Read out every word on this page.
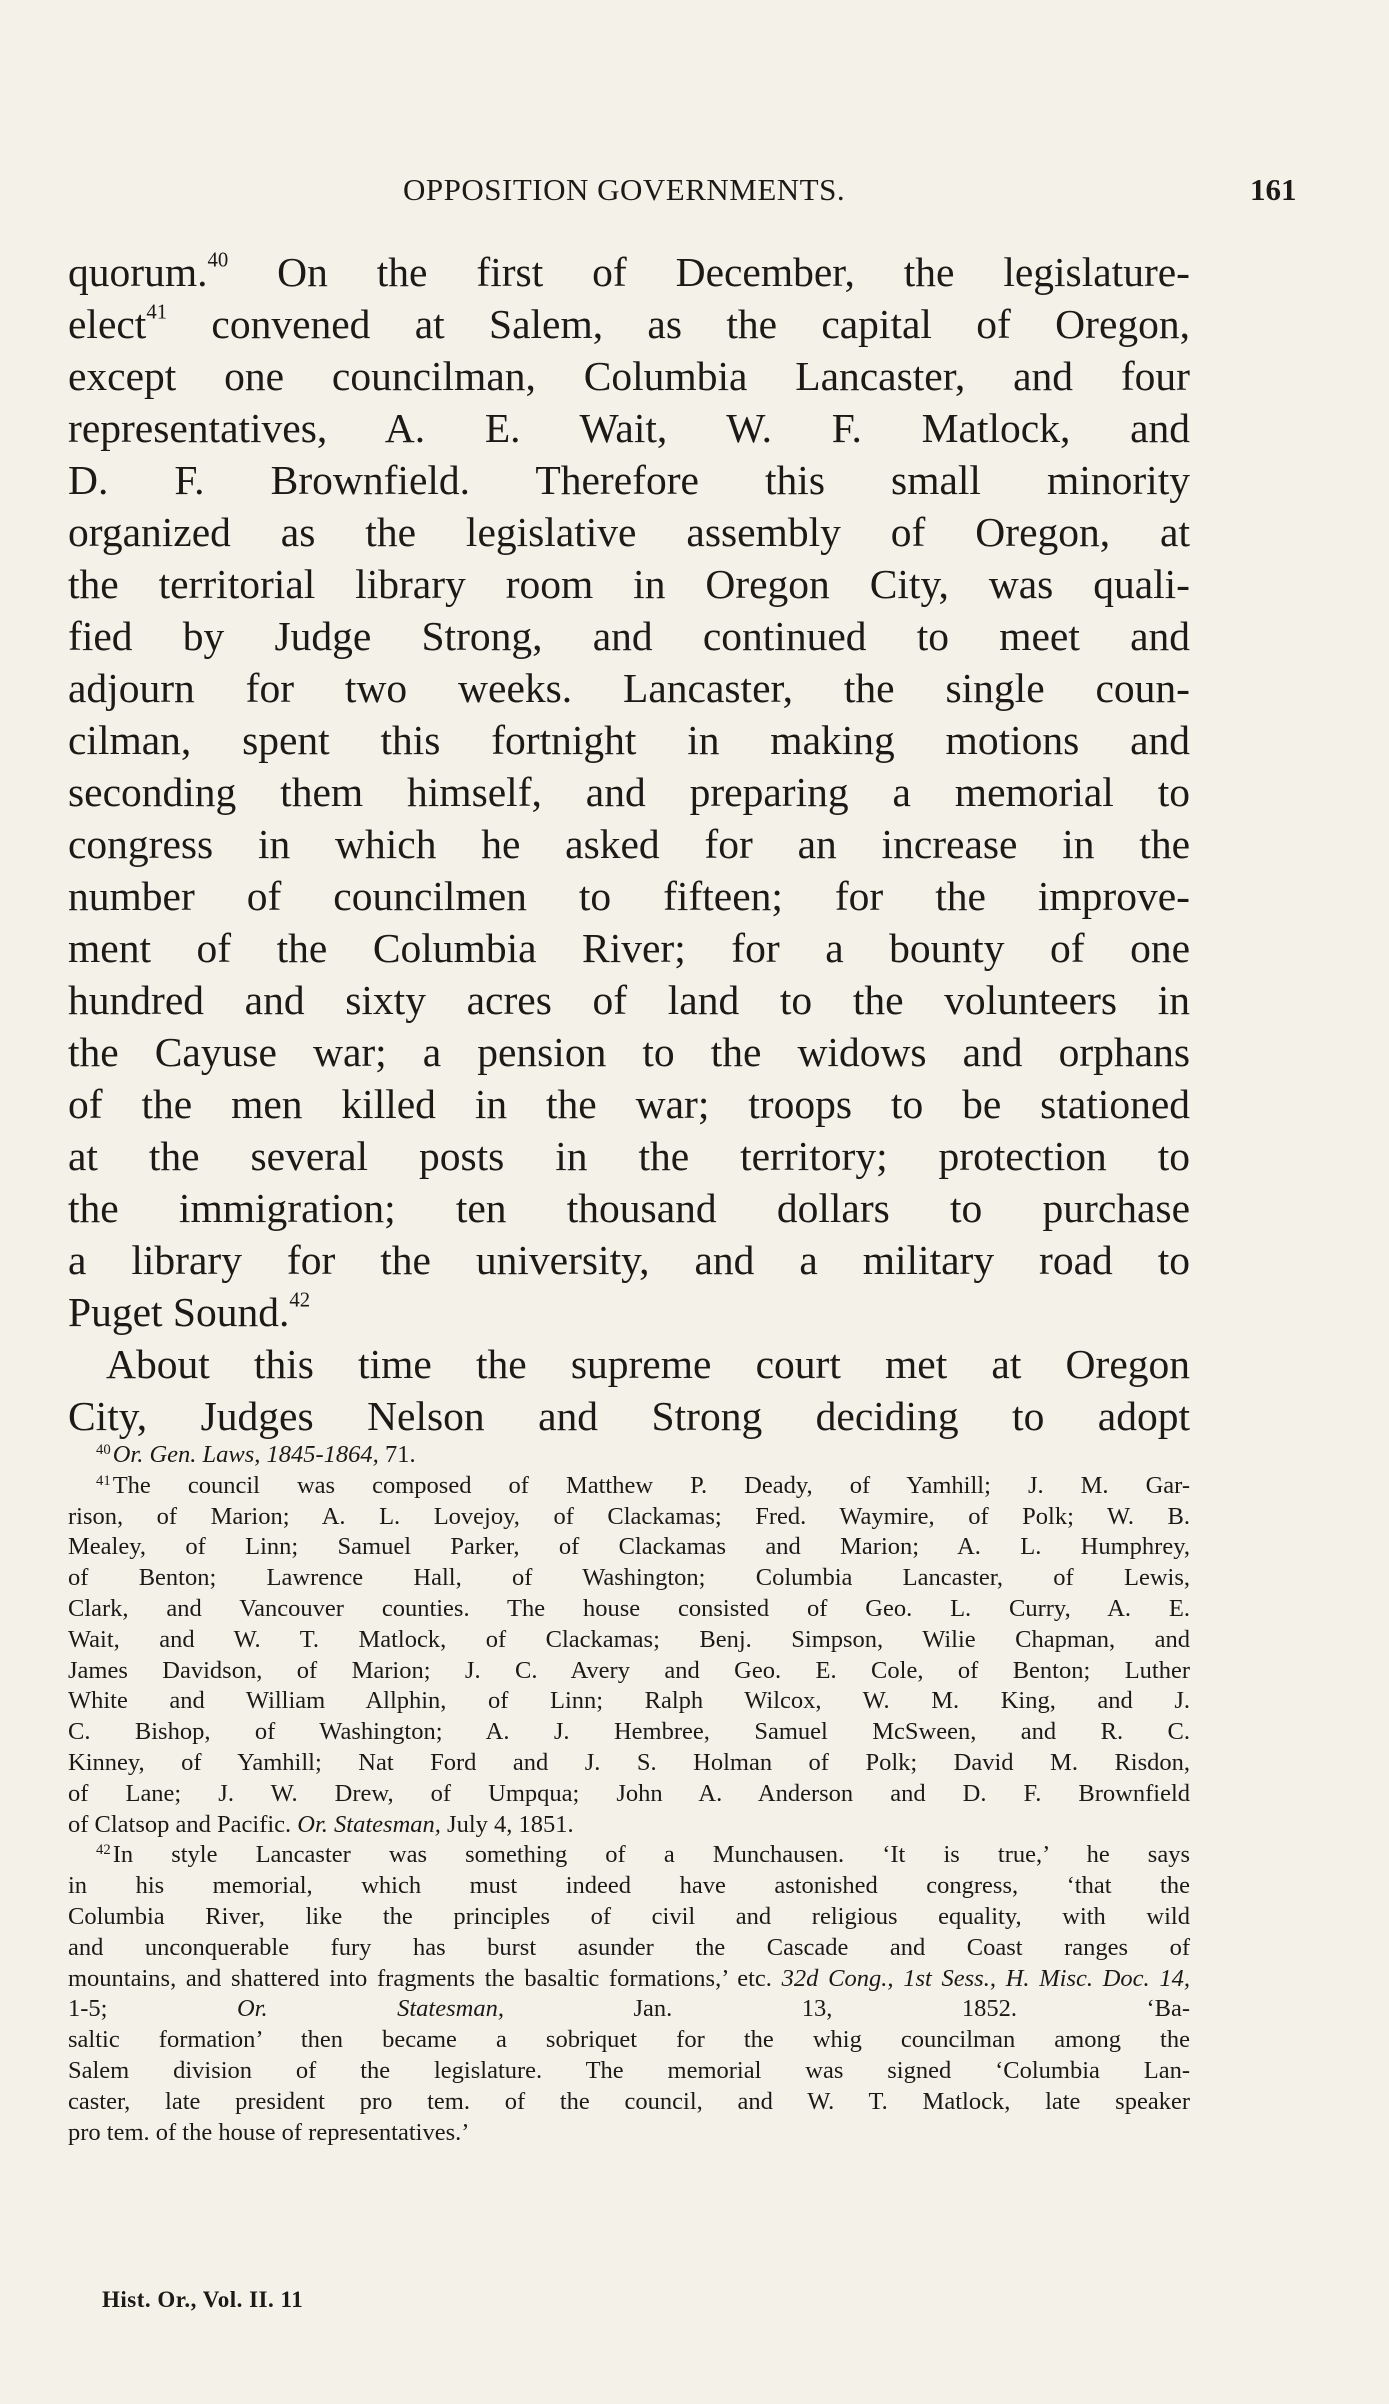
OPPOSITION GOVERNMENTS.	161
quorum.$^{40}$ On the first of December, the legislature-
elect$^{41}$ convened at Salem, as the capital of Oregon,
except one councilman, Columbia Lancaster, and four
representatives, A. E. Wait, W. F. Matlock, and
D. F. Brownfield. Therefore this small minority
organized as the legislative assembly of Oregon, at
the territorial library room in Oregon City, was quali-
fied by Judge Strong, and continued to meet and
adjourn for two weeks. Lancaster, the single coun-
cilman, spent this fortnight in making motions and
seconding them himself, and preparing a memorial to
congress in which he asked for an increase in the
number of councilmen to fifteen; for the improve-
ment of the Columbia River; for a bounty of one
hundred and sixty acres of land to the volunteers in
the Cayuse war; a pension to the widows and orphans
of the men killed in the war; troops to be stationed
at the several posts in the territory; protection to
the immigration; ten thousand dollars to purchase
a library for the university, and a military road to
Puget Sound.$^{42}$
About this time the supreme court met at Oregon
City, Judges Nelson and Strong deciding to adopt
$^{40}$Or. Gen. Laws, 1845-1864, 71.
$^{41}$The council was composed of Matthew P. Deady, of Yamhill; J. M. Gar-
rison, of Marion; A. L. Lovejoy, of Clackamas; Fred. Waymire, of Polk; W. B.
Mealey, of Linn; Samuel Parker, of Clackamas and Marion; A. L. Humphrey,
of Benton; Lawrence Hall, of Washington; Columbia Lancaster, of Lewis,
Clark, and Vancouver counties. The house consisted of Geo. L. Curry, A. E.
Wait, and W. T. Matlock, of Clackamas; Benj. Simpson, Wilie Chapman, and
James Davidson, of Marion; J. C. Avery and Geo. E. Cole, of Benton; Luther
White and William Allphin, of Linn; Ralph Wilcox, W. M. King, and J.
C. Bishop, of Washington; A. J. Hembree, Samuel McSween, and R. C.
Kinney, of Yamhill; Nat Ford and J. S. Holman of Polk; David M. Risdon,
of Lane; J. W. Drew, of Umpqua; John A. Anderson and D. F. Brownfield
of Clatsop and Pacific. Or. Statesman, July 4, 1851.
$^{42}$In style Lancaster was something of a Munchausen. ‘It is true,’ he says
in his memorial, which must indeed have astonished congress, ‘that the
Columbia River, like the principles of civil and religious equality, with wild
and unconquerable fury has burst asunder the Cascade and Coast ranges of
mountains, and shattered into fragments the basaltic formations,’ etc. 32d Cong., 1st Sess., H. Misc. Doc. 14,
1-5; Or. Statesman, Jan. 13, 1852. ‘Ba-
saltic formation’ then became a sobriquet for the whig councilman among the
Salem division of the legislature. The memorial was signed ‘Columbia Lan-
caster, late president pro tem. of the council, and W. T. Matlock, late speaker
pro tem. of the house of representatives.’
Hist. Or., Vol. II. 11
